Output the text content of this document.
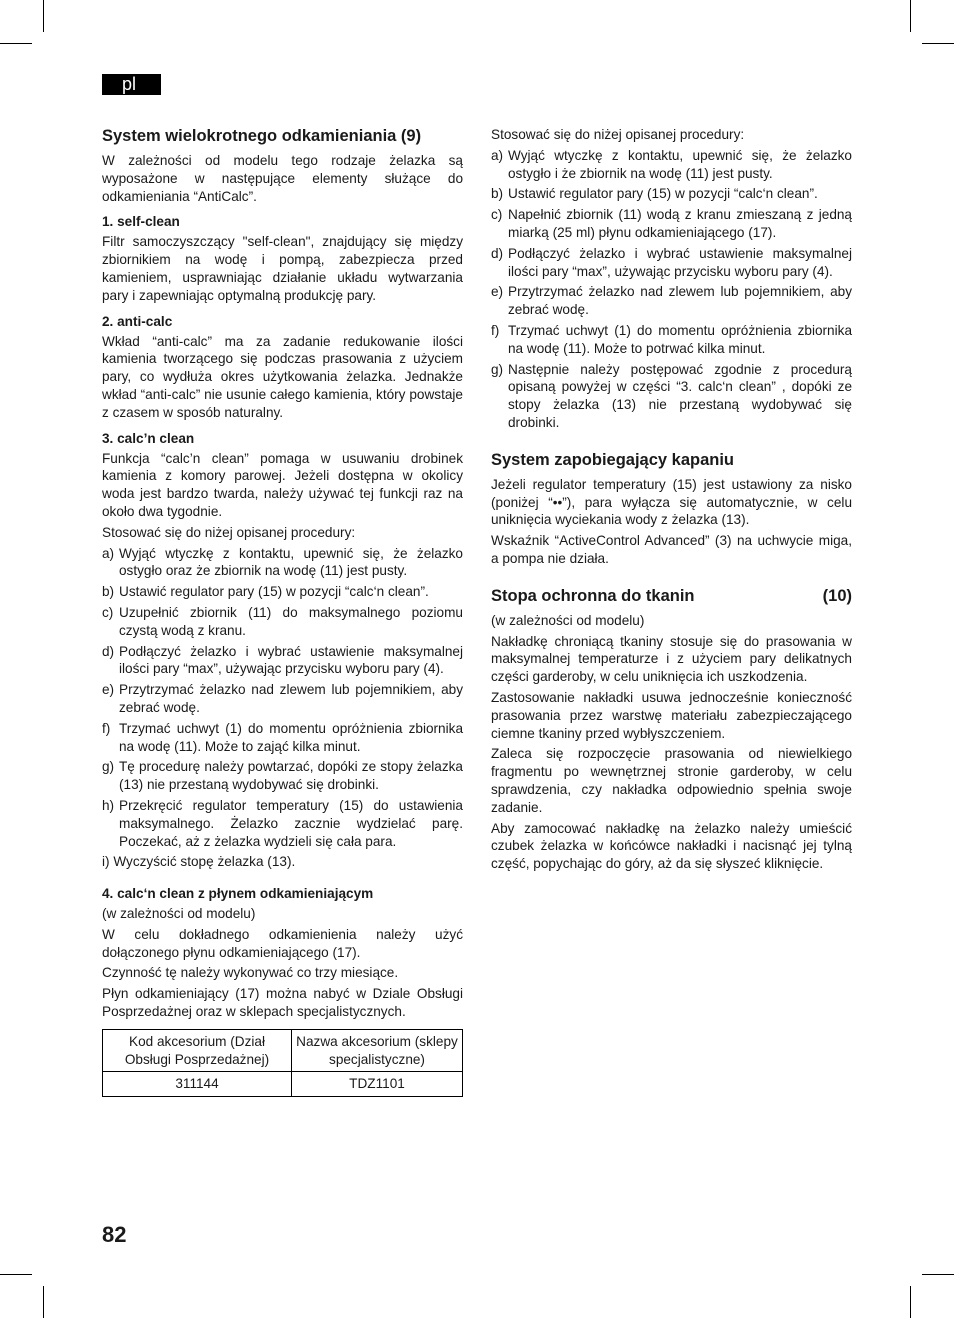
pl
System wielokrotnego odkamieniania (9)

W zależności od modelu tego rodzaje żelazka są wyposażone w następujące elementy służące do odkamieniania “AntiCalc”.

1. self-clean

Filtr samoczyszczący "self-clean", znajdujący się między zbiornikiem na wodę i pompą, zabezpiecza przed kamieniem, usprawniając działanie układu wytwarzania pary i zapewniając optymalną produkcję pary.

2. anti-calc

Wkład “anti-calc” ma za zadanie redukowanie ilości kamienia tworzącego się podczas prasowania z użyciem pary, co wydłuża okres użytkowania żelazka. Jednakże wkład “anti-calc” nie usunie całego kamienia, który powstaje z czasem w sposób naturalny.

3. calc’n clean

Funkcja “calc’n clean” pomaga w usuwaniu drobinek kamienia z komory parowej. Jeżeli dostępna w okolicy woda jest bardzo twarda, należy używać tej funkcji raz na około dwa tygodnie.

Stosować się do niżej opisanej procedury:

a) Wyjąć wtyczkę z kontaktu, upewnić się, że żelazko ostygło oraz że zbiornik na wodę (11) jest pusty.
b) Ustawić regulator pary (15) w pozycji “calc‘n clean”.
c) Uzupełnić zbiornik (11) do maksymalnego poziomu czystą wodą z kranu.
d) Podłączyć żelazko i wybrać ustawienie maksymalnej ilości pary “max”, używając przycisku wyboru pary (4).
e) Przytrzymać żelazko nad zlewem lub pojemnikiem, aby zebrać wodę.
f) Trzymać uchwyt (1) do momentu opróżnienia zbiornika na wodę (11). Może to zająć kilka minut.
g) Tę procedurę należy powtarzać, dopóki ze stopy żelazka (13) nie przestaną wydobywać się drobinki.
h) Przekręcić regulator temperatury (15) do ustawienia maksymalnego. Żelazko zacznie wydzielać parę. Poczekać, aż z żelazka wydzieli się cała para.

i) Wyczyścić stopę żelazka (13).

4. calc‘n clean z płynem odkamieniającym

(w zależności od modelu)

W celu dokładnego odkamienienia należy użyć dołączonego płynu odkamieniającego (17).

Czynność tę należy wykonywać co trzy miesiące.

Płyn odkamieniający (17) można nabyć w Dziale Obsługi Posprzedażnej oraz w sklepach specjalistycznych.

Kod akcesorium (Dział Obsługi Posprzedażnej)	Nazwa akcesorium (sklepy specjalistyczne)
311144	TDZ1101

Stosować się do niżej opisanej procedury:

a) Wyjąć wtyczkę z kontaktu, upewnić się, że żelazko ostygło i że zbiornik na wodę (11) jest pusty.
b) Ustawić regulator pary (15) w pozycji “calc‘n clean”.
c) Napełnić zbiornik (11) wodą z kranu zmieszaną z jedną miarką (25 ml) płynu odkamieniającego (17).
d) Podłączyć żelazko i wybrać ustawienie maksymalnej ilości pary “max”, używając przycisku wyboru pary (4).
e) Przytrzymać żelazko nad zlewem lub pojemnikiem, aby zebrać wodę.
f) Trzymać uchwyt (1) do momentu opróżnienia zbiornika na wodę (11). Może to potrwać kilka minut.
g) Następnie należy postępować zgodnie z procedurą opisaną powyżej w części “3. calc‘n clean” , dopóki ze stopy żelazka (13) nie przestaną wydobywać się drobinki.
System zapobiegający kapaniu

Jeżeli regulator temperatury (15) jest ustawiony za nisko (poniżej “••”), para wyłącza się automatycznie, w celu uniknięcia wyciekania wody z żelazka (13).

Wskaźnik “ActiveControl Advanced” (3) na uchwycie miga, a pompa nie działa.

Stopa ochronna do tkanin	(10)

(w zależności od modelu)

Nakładkę chroniącą tkaniny stosuje się do prasowania w maksymalnej temperaturze i z użyciem pary delikatnych części garderoby, w celu uniknięcia ich uszkodzenia.

Zastosowanie nakładki usuwa jednocześnie konieczność prasowania przez warstwę materiału zabezpieczającego ciemne tkaniny przed wybłyszczeniem.

Zaleca się rozpoczęcie prasowania od niewielkiego fragmentu po wewnętrznej stronie garderoby, w celu sprawdzenia, czy nakładka odpowiednio spełnia swoje zadanie.

Aby zamocować nakładkę na żelazko należy umieścić czubek żelazka w końcówce nakładki i nacisnąć jej tylną część, popychając do góry, aż da się słyszeć kliknięcie.

82
